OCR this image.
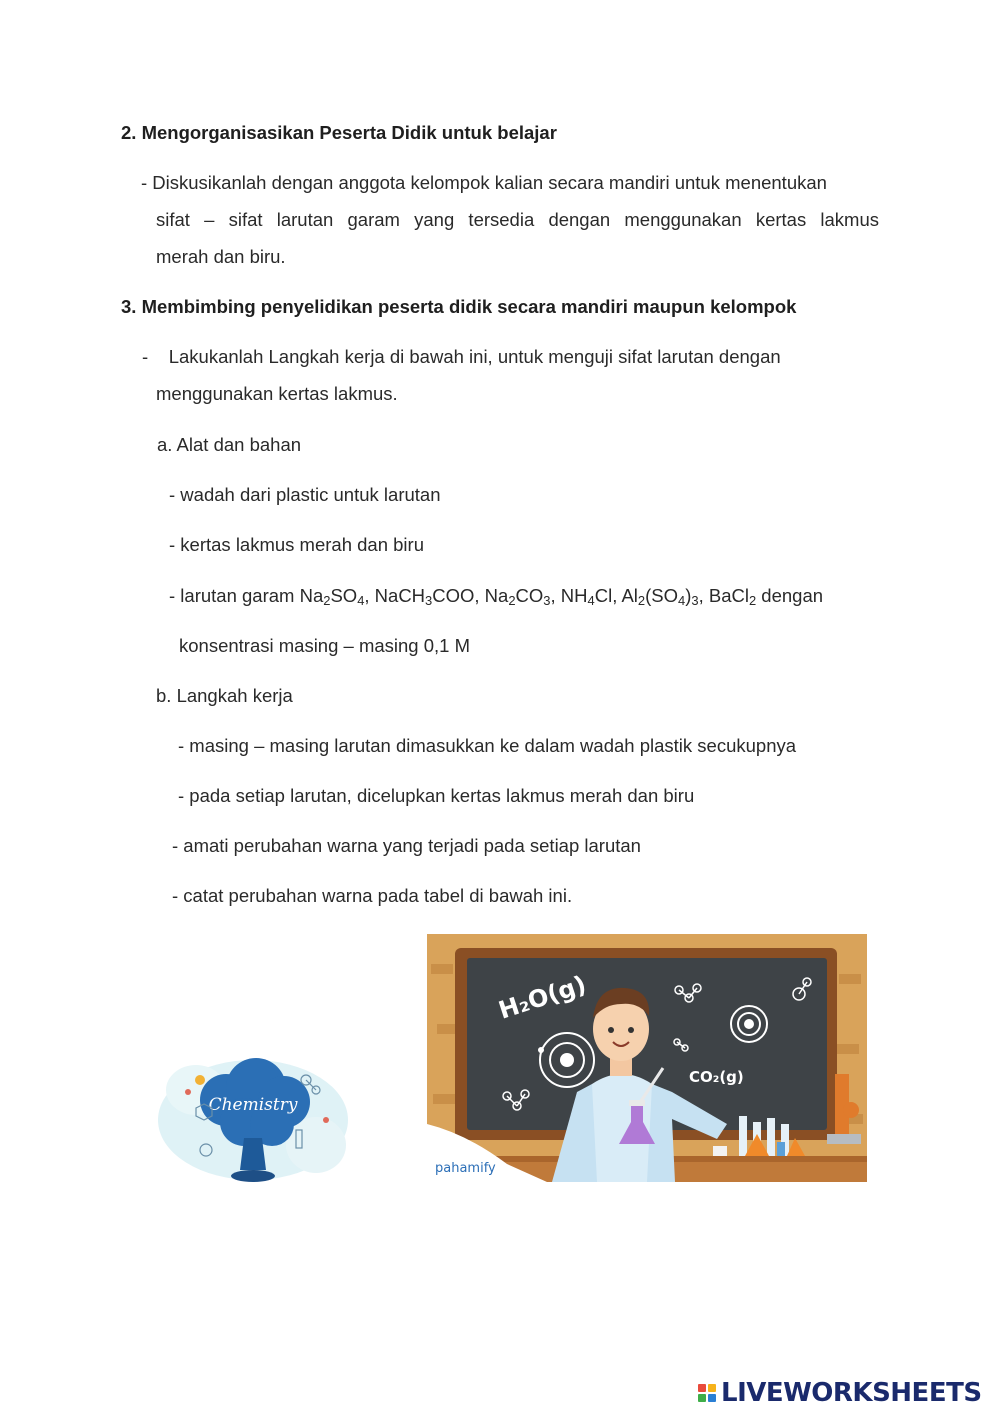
2. Mengorganisasikan Peserta Didik untuk belajar
- Diskusikanlah dengan anggota kelompok kalian secara mandiri untuk menentukan
sifat – sifat larutan garam yang tersedia dengan menggunakan kertas lakmus
merah dan biru.
3. Membimbing penyelidikan peserta didik secara mandiri maupun kelompok
-    Lakukanlah Langkah kerja di bawah ini, untuk menguji sifat larutan dengan
menggunakan kertas lakmus.
a. Alat dan bahan
- wadah dari plastic untuk larutan
- kertas lakmus merah dan biru
- larutan garam $Na_2SO_4$, NaCH$_3$COO, $Na_2CO_3$, $NH_4Cl$, $Al_2(SO_4)_3$, BaCl$_2$ dengan
konsentrasi masing – masing 0,1 M
b. Langkah kerja
- masing – masing larutan dimasukkan ke dalam wadah plastik secukupnya
- pada setiap larutan, dicelupkan kertas lakmus merah dan biru
- amati perubahan warna yang terjadi pada setiap larutan
- catat perubahan warna pada tabel di bawah ini.
Chemistry
H₂O(g)
CO₂(g)
pahamify
LIVEWORKSHEETS
